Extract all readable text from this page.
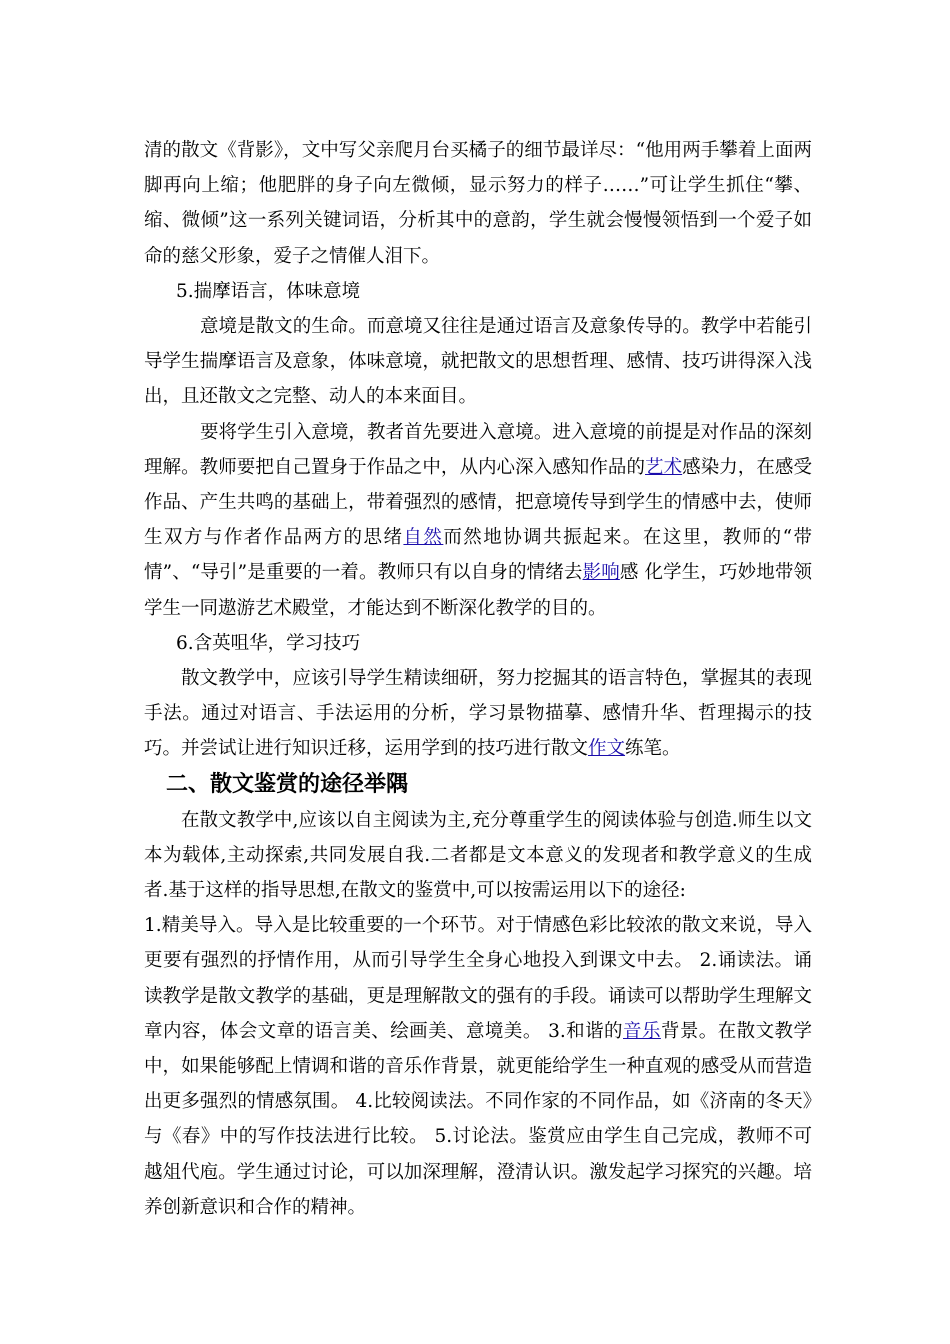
清的散文《背影》，文中写父亲爬月台买橘子的细节最详尽：“他用两手攀着上面两脚再向上缩；他肥胖的身子向左微倾，显示努力的样子……”可让学生抓住“攀、缩、微倾”这一系列关键词语，分析其中的意韵，学生就会慢慢领悟到一个爱子如命的慈父形象，爱子之情催人泪下。

5.揣摩语言，体味意境

意境是散文的生命。而意境又往往是通过语言及意象传导的。教学中若能引导学生揣摩语言及意象，体味意境，就把散文的思想哲理、感情、技巧讲得深入浅出，且还散文之完整、动人的本来面目。

要将学生引入意境，教者首先要进入意境。进入意境的前提是对作品的深刻理解。教师要把自己置身于作品之中，从内心深入感知作品的艺术感染力，在感受作品、产生共鸣的基础上，带着强烈的感情，把意境传导到学生的情感中去，使师生双方与作者作品两方的思绪自然而然地协调共振起来。在这里，教师的“带情”、“导引”是重要的一着。教师只有以自身的情绪去影响感 化学生，巧妙地带领学生一同遨游艺术殿堂，才能达到不断深化教学的目的。

6.含英咀华，学习技巧

散文教学中，应该引导学生精读细研，努力挖掘其的语言特色，掌握其的表现手法。通过对语言、手法运用的分析，学习景物描摹、感情升华、哲理揭示的技巧。并尝试让进行知识迁移，运用学到的技巧进行散文作文练笔。

二、散文鉴赏的途径举隅

在散文教学中,应该以自主阅读为主,充分尊重学生的阅读体验与创造.师生以文本为载体,主动探索,共同发展自我.二者都是文本意义的发现者和教学意义的生成者.基于这样的指导思想,在散文的鉴赏中,可以按需运用以下的途径:

1.精美导入。导入是比较重要的一个环节。对于情感色彩比较浓的散文来说，导入更要有强烈的抒情作用，从而引导学生全身心地投入到课文中去。 2.诵读法。诵读教学是散文教学的基础，更是理解散文的强有的手段。诵读可以帮助学生理解文章内容，体会文章的语言美、绘画美、意境美。 3.和谐的音乐背景。在散文教学中，如果能够配上情调和谐的音乐作背景，就更能给学生一种直观的感受从而营造出更多强烈的情感氛围。 4.比较阅读法。不同作家的不同作品，如《济南的冬天》与《春》中的写作技法进行比较。 5.讨论法。鉴赏应由学生自己完成，教师不可越俎代庖。学生通过讨论，可以加深理解，澄清认识。激发起学习探究的兴趣。培养创新意识和合作的精神。
